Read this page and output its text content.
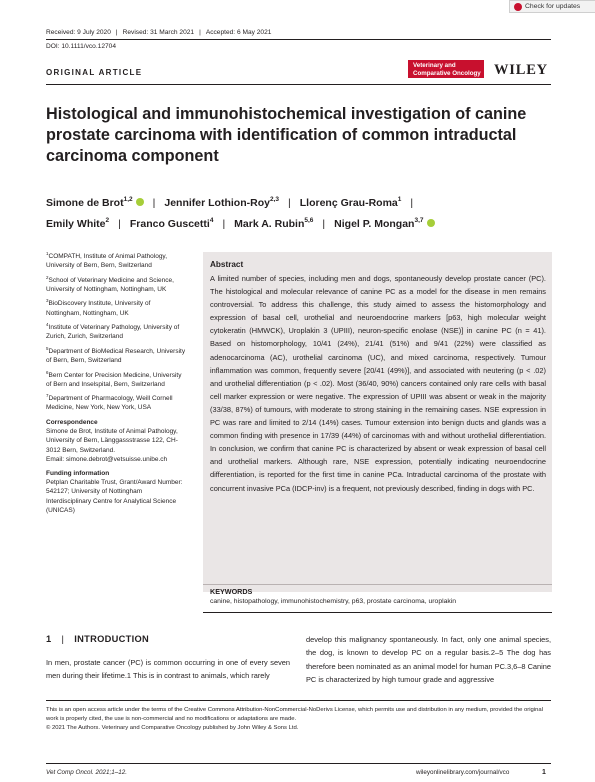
Check for updates
Received: 9 July 2020 | Revised: 31 March 2021 | Accepted: 6 May 2021
DOI: 10.1111/vco.12704
ORIGINAL ARTICLE
Veterinary and Comparative Oncology WILEY
Histological and immunohistochemical investigation of canine prostate carcinoma with identification of common intraductal carcinoma component
Simone de Brot$^{1,2}$ | Jennifer Lothion-Roy$^{2,3}$ | Llorenç Grau-Roma$^1$ |
Emily White$^2$ | Franco Guscetti$^4$ | Mark A. Rubin$^{5,6}$ | Nigel P. Mongan$^{3,7}$
$^1$COMPATH, Institute of Animal Pathology, University of Bern, Bern, Switzerland
$^2$School of Veterinary Medicine and Science, University of Nottingham, Nottingham, UK
$^3$BioDiscovery Institute, University of Nottingham, Nottingham, UK
$^4$Institute of Veterinary Pathology, University of Zurich, Zurich, Switzerland
$^5$Department of BioMedical Research, University of Bern, Bern, Switzerland
$^6$Bern Center for Precision Medicine, University of Bern and Inselspital, Bern, Switzerland
$^7$Department of Pharmacology, Weill Cornell Medicine, New York, New York, USA
Correspondence
Simone de Brot, Institute of Animal Pathology, University of Bern, Länggassstrasse 122, CH-3012 Bern, Switzerland.
Email: simone.debrot@vetsuisse.unibe.ch
Funding information
Petplan Charitable Trust, Grant/Award Number: 542127; University of Nottingham Interdisciplinary Centre for Analytical Science (UNICAS)
Abstract
A limited number of species, including men and dogs, spontaneously develop prostate cancer (PC). The histological and molecular relevance of canine PC as a model for the disease in men remains controversial. To address this challenge, this study aimed to assess the histomorphology and expression of basal cell, urothelial and neuroendocrine markers [p63, high molecular weight cytokeratin (HMWCK), Uroplakin 3 (UPIII), neuron-specific enolase (NSE)] in canine PC (n = 41). Based on histomorphology, 10/41 (24%), 21/41 (51%) and 9/41 (22%) were classified as adenocarcinoma (AC), urothelial carcinoma (UC), and mixed carcinoma, respectively. Tumour inflammation was common, frequently severe [20/41 (49%)], and associated with neutering (p < .02) and urothelial differentiation (p < .02). Most (36/40, 90%) cancers contained only rare cells with basal cell marker expression or were negative. The expression of UPIII was absent or weak in the majority (33/38, 87%) of tumours, with moderate to strong staining in the remaining cases. NSE expression in PC was rare and limited to 2/14 (14%) cases. Tumour extension into benign ducts and glands was a common finding with presence in 17/39 (44%) of carcinomas with and without urothelial differentiation. In conclusion, we confirm that canine PC is characterized by absent or weak expression of basal cell and urothelial markers. Although rare, NSE expression, potentially indicating neuroendocrine differentiation, is reported for the first time in canine PCa. Intraductal carcinoma of the prostate with concurrent invasive PCa (IDCP-inv) is a frequent, not previously described, finding in dogs with PC.
KEYWORDS
canine, histopathology, immunohistochemistry, p63, prostate carcinoma, uroplakin
1 | INTRODUCTION
In men, prostate cancer (PC) is common occurring in one of every seven men during their lifetime.1 This is in contrast to animals, which rarely
develop this malignancy spontaneously. In fact, only one animal species, the dog, is known to develop PC on a regular basis.2–5 The dog has therefore been nominated as an animal model for human PC.3,6–8 Canine PC is characterized by high tumour grade and aggressive
This is an open access article under the terms of the Creative Commons Attribution-NonCommercial-NoDerivs License, which permits use and distribution in any medium, provided the original work is properly cited, the use is non-commercial and no modifications or adaptations are made.
© 2021 The Authors. Veterinary and Comparative Oncology published by John Wiley & Sons Ltd.
Vet Comp Oncol. 2021;1–12.	wileyonlinelibrary.com/journal/vco	1
